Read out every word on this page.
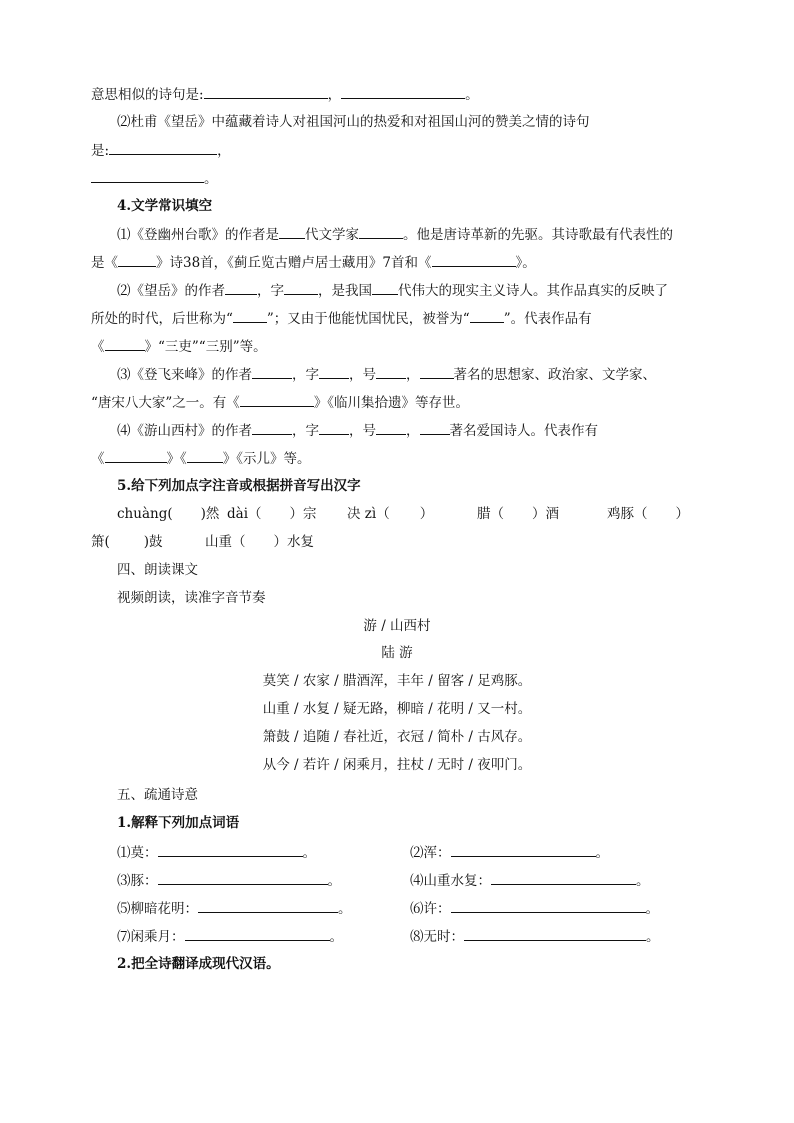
意思相似的诗句是:	，	。
⑵杜甫《望岳》中蕴藏着诗人对祖国河山的热爱和对祖国山河的赞美之情的诗句
是:	，
。
4.文学常识填空
⑴《登幽州台歌》的作者是 代文学家	。他是唐诗革新的先驱。其诗歌最有代表性的
是《	》诗38首，《蓟丘览古赠卢居士藏用》7首和《	》。
⑵《望岳》的作者 ，字	，是我国 代伟大的现实主义诗人。其作品真实的反映了
所处的时代，后世称为“	”；又由于他能忧国忧民，被誉为“	”。代表作品有
《	》“三吏”“三别”等。
⑶《登飞来峰》的作者	，字 ，号 ，	著名的思想家、政治家、文学家、
“唐宋八大家”之一。有《	》《临川集拾遗》等存世。
⑷《游山西村》的作者	，字 ，号 ， 著名爱国诗人。代表作有
《	》《	》《示儿》等。
5.给下列加点字注音或根据拼音写出汉字
chuàng( )然 dài（ ）宗 决 zì（ ）	腊（ ）酒	鸡豚（ ）
箫(	)鼓	山重（ ）水复
四、朗读课文
视频朗读，读准字音节奏
游 / 山西村
陆 游
莫笑 / 农家 / 腊酒浑，丰年 / 留客 / 足鸡豚。
山重 / 水复 / 疑无路，柳暗 / 花明 / 又一村。
箫鼓 / 追随 / 春社近，衣冠 / 简朴 / 古风存。
从今 / 若许 / 闲乘月，拄杖 / 无时 / 夜叩门。
五、疏通诗意
1.解释下列加点词语
⑴莫：	。	⑵浑：	。
⑶豚：	。	⑷山重水复：	。
⑸柳暗花明：	。	⑹许：	。
⑺闲乘月：	。	⑻无时：	。
2.把全诗翻译成现代汉语。
